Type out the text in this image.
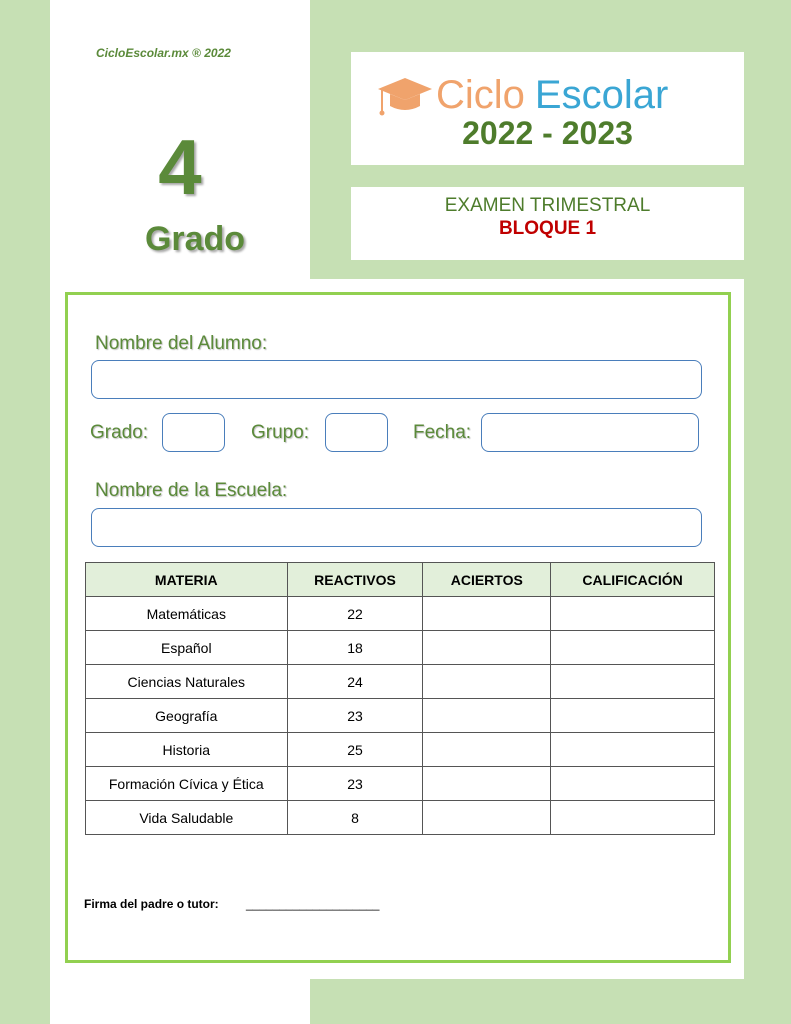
CicloEscolar.mx ® 2022
4
Grado
Ciclo Escolar
2022 - 2023
EXAMEN TRIMESTRAL
BLOQUE 1
Nombre del Alumno:
Grado:	Grupo:	Fecha:
Nombre de la Escuela:
MATERIA	REACTIVOS	ACIERTOS	CALIFICACIÓN
Matemáticas	22		
Español	18		
Ciencias Naturales	24		
Geografía	23		
Historia	25		
Formación Cívica y Ética	23		
Vida Saludable	8		
Firma del padre o tutor: ____________________
